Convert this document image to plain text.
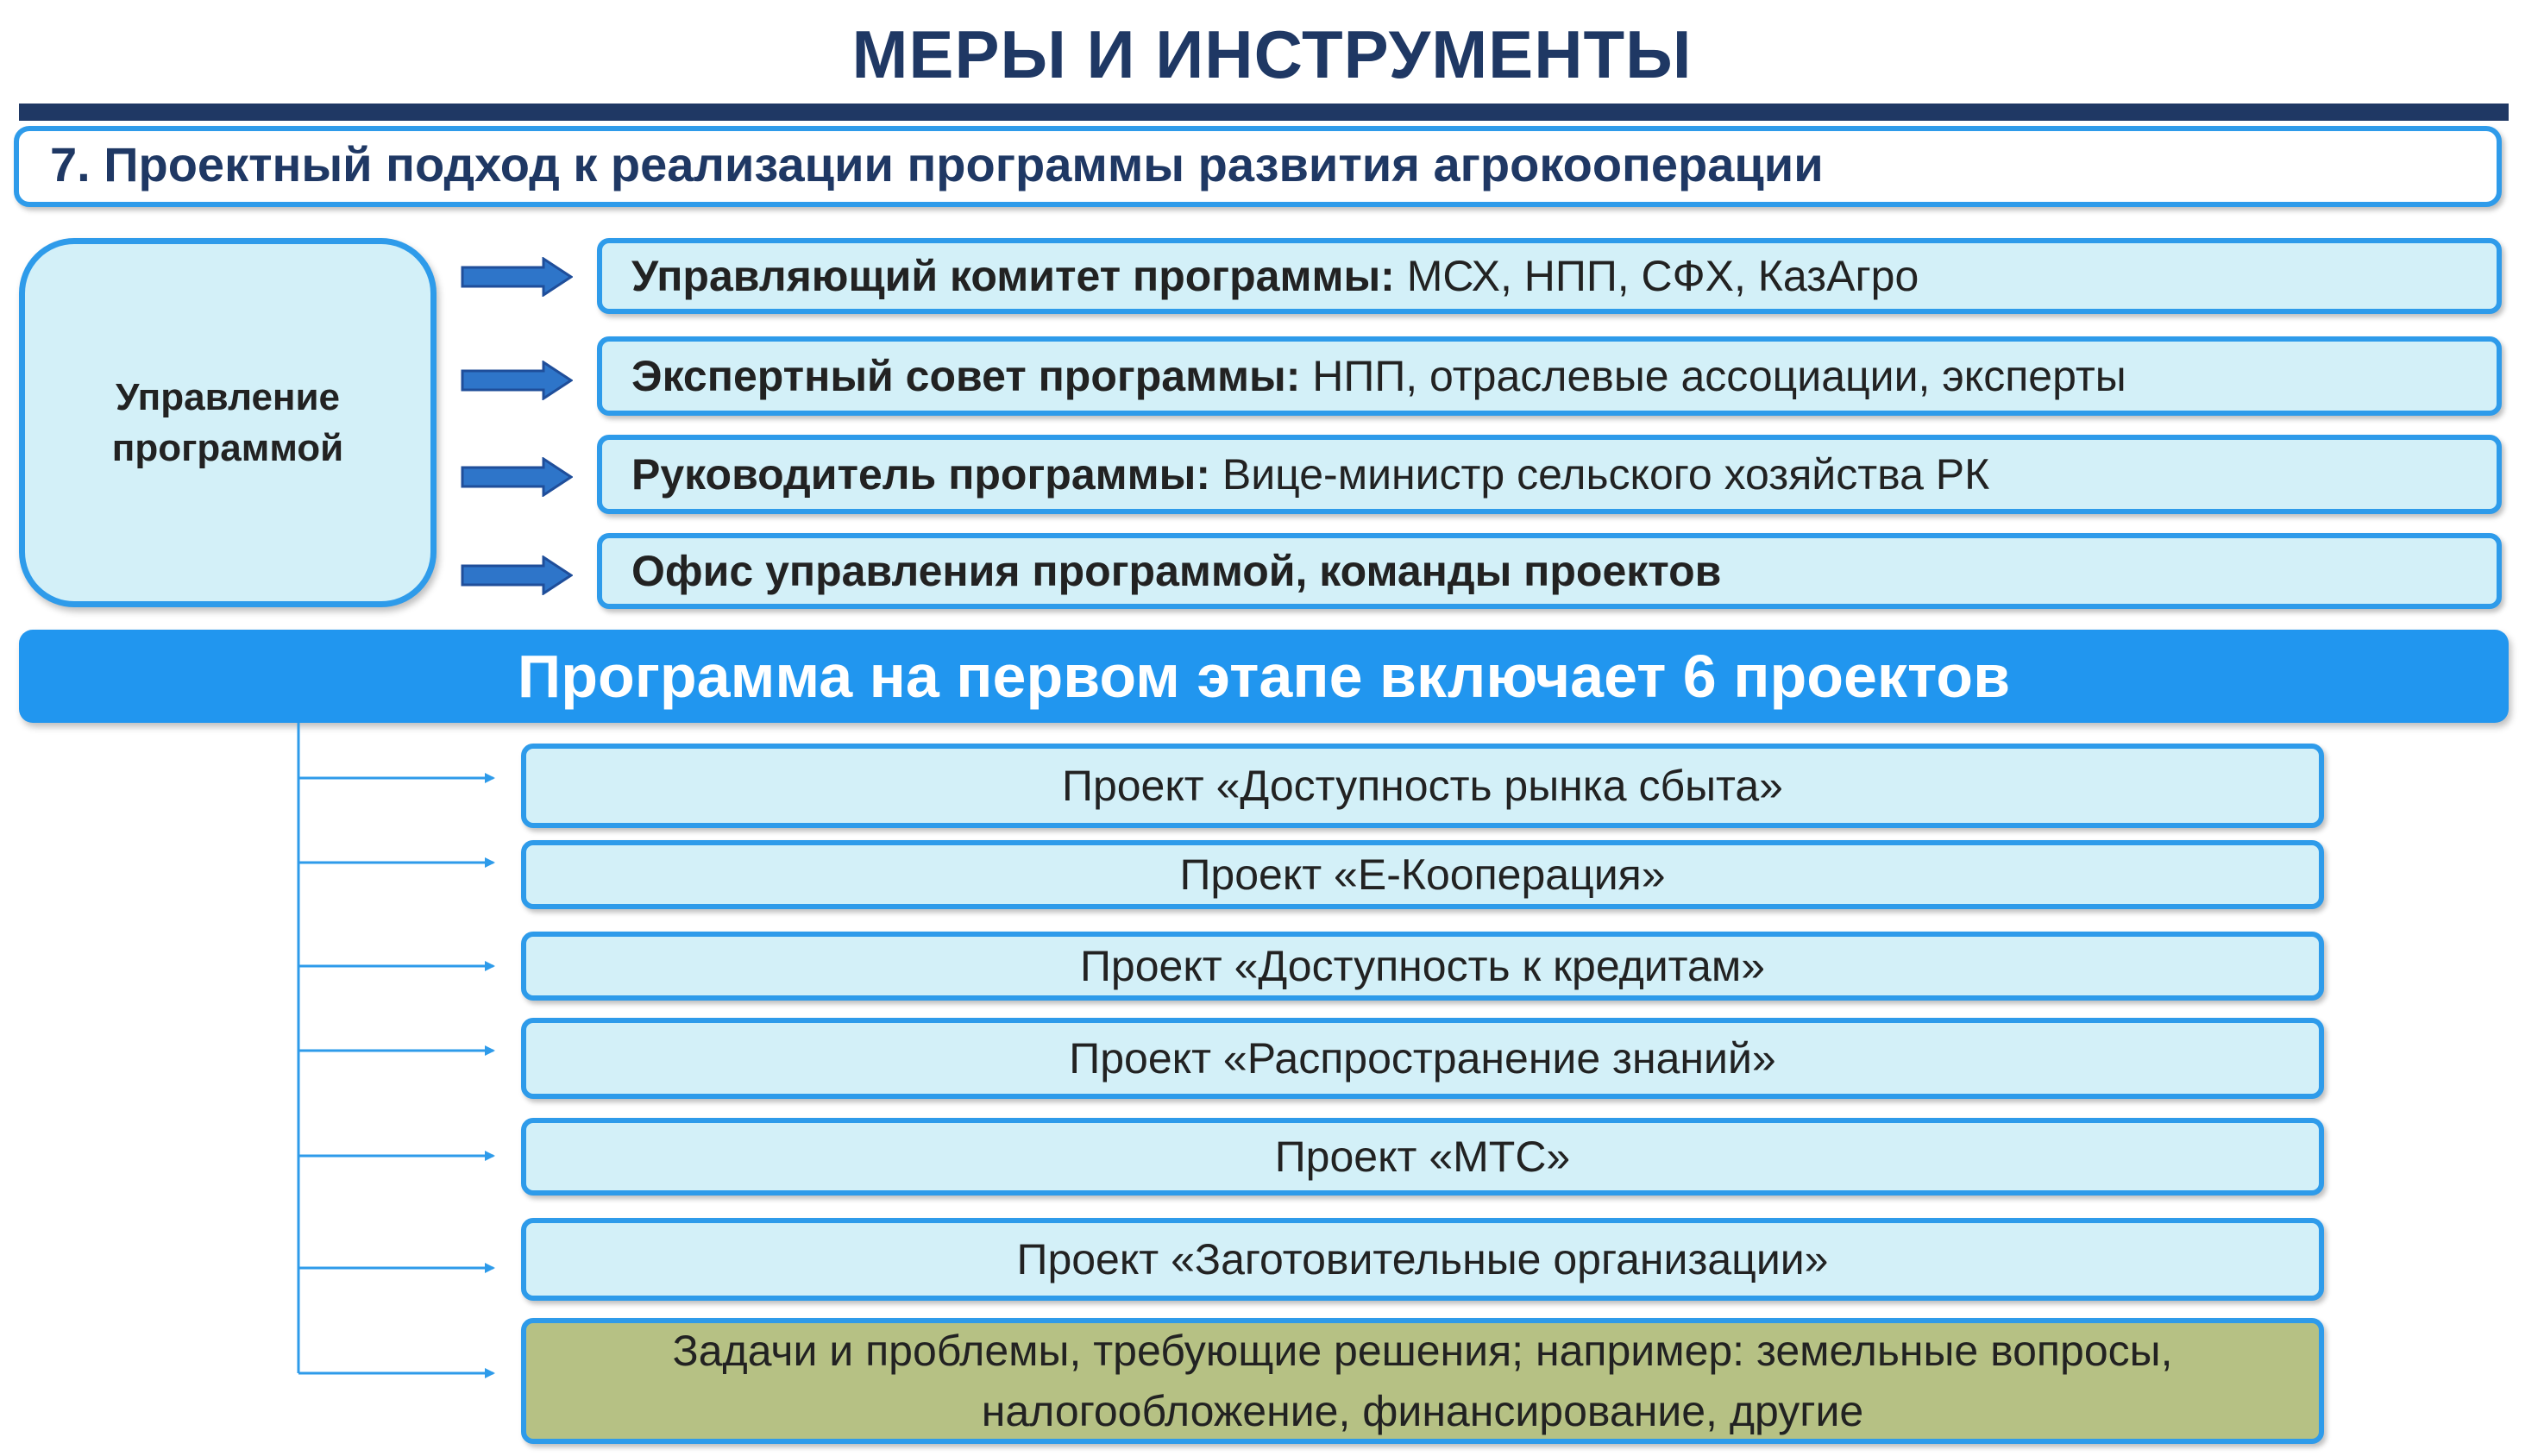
МЕРЫ И ИНСТРУМЕНТЫ
7. Проектный подход к реализации программы развития агрокооперации
Управление программой
Управляющий комитет программы: МСХ, НПП, СФХ, КазАгро
Экспертный совет программы: НПП, отраслевые ассоциации, эксперты
Руководитель программы: Вице-министр сельского хозяйства РК
Офис управления программой, команды проектов
Программа на первом этапе включает 6 проектов
Проект «Доступность рынка сбыта»
Проект «Е-Кооперация»
Проект «Доступность к кредитам»
Проект «Распространение знаний»
Проект «МТС»
Проект «Заготовительные организации»
Задачи и проблемы, требующие решения; например: земельные вопросы,
налогообложение, финансирование, другие
